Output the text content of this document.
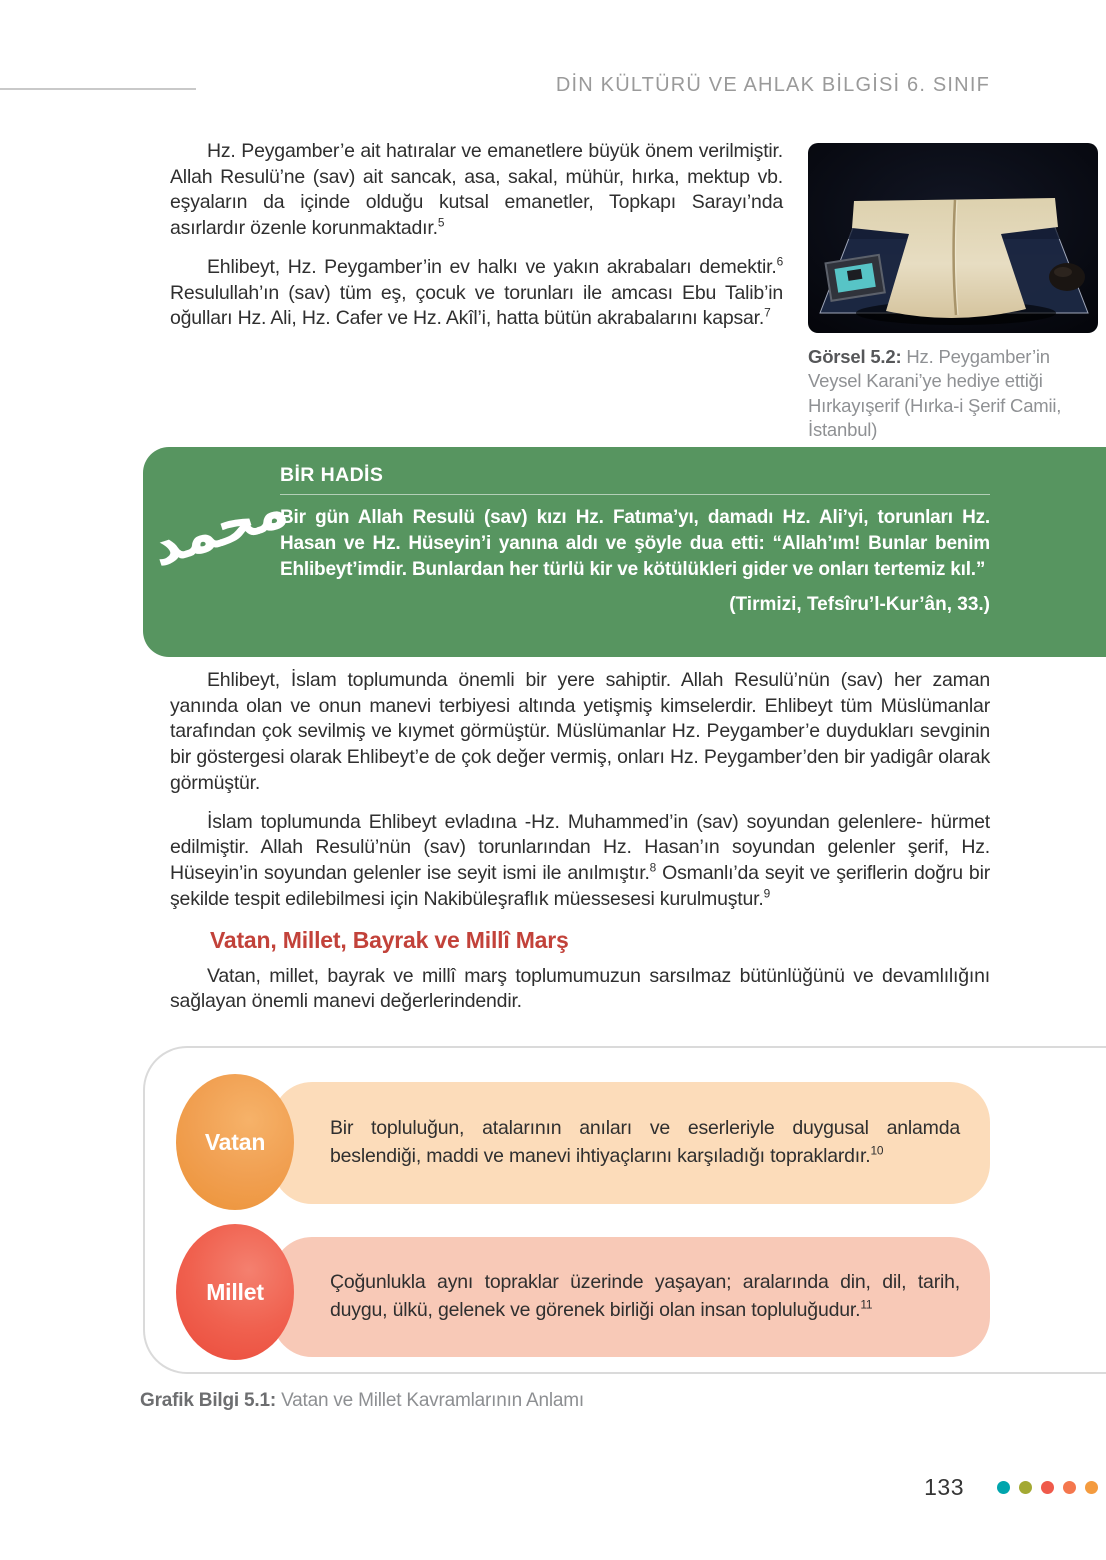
DİN KÜLTÜRÜ VE AHLAK BİLGİSİ 6. SINIF

Hz. Peygamber’e ait hatıralar ve emanetlere büyük önem verilmiştir. Allah Resulü’ne (sav) ait sancak, asa, sakal, mühür, hırka, mektup vb. eşyaların da içinde olduğu kutsal emanetler, Topkapı Sarayı’nda asırlardır özenle korunmaktadır.$^5$

Ehlibeyt, Hz. Peygamber’in ev halkı ve yakın akrabaları demektir.$^6$ Resulullah’ın (sav) tüm eş, çocuk ve torunları ile amcası Ebu Talib’in oğulları Hz. Ali, Hz. Cafer ve Hz. Akîl’i, hatta bütün akrabalarını kapsar.$^7$

Görsel 5.2: Hz. Peygamber’in Veysel Karani’ye hediye ettiği Hırkayışerif (Hırka-i Şerif Camii, İstanbul)
محمد
BİR HADİS

Bir gün Allah Resulü (sav) kızı Hz. Fatıma’yı, damadı Hz. Ali’yi, torunları Hz. Hasan ve Hz. Hüseyin’i yanına aldı ve şöyle dua etti: “Allah’ım! Bunlar benim Ehlibeyt’imdir. Bunlardan her türlü kir ve kötülükleri gider ve onları tertemiz kıl.”

(Tirmizi, Tefsîru’l-Kur’ân, 33.)

Ehlibeyt, İslam toplumunda önemli bir yere sahiptir. Allah Resulü’nün (sav) her zaman yanında olan ve onun manevi terbiyesi altında yetişmiş kimselerdir. Ehlibeyt tüm Müslümanlar tarafından çok sevilmiş ve kıymet görmüştür. Müslümanlar Hz. Peygamber’e duydukları sevginin bir göstergesi olarak Ehlibeyt’e de çok değer vermiş, onları Hz. Peygamber’den bir yadigâr olarak görmüştür.

İslam toplumunda Ehlibeyt evladına -Hz. Muhammed’in (sav) soyundan gelenlere- hürmet edilmiştir. Allah Resulü’nün (sav) torunlarından Hz. Hasan’ın soyundan gelenler şerif, Hz. Hüseyin’in soyundan gelenler ise seyit ismi ile anılmıştır.$^8$ Osmanlı’da seyit ve şeriflerin doğru bir şekilde tespit edilebilmesi için Nakibüleşraflık müessesesi kurulmuştur.$^9$

Vatan, Millet, Bayrak ve Millî Marş

Vatan, millet, bayrak ve millî marş toplumumuzun sarsılmaz bütünlüğünü ve devamlılığını sağlayan önemli manevi değerlerindendir.

Bir topluluğun, atalarının anıları ve eserleriyle duygusal anlamda beslendiği, maddi ve manevi ihtiyaçlarını karşıladığı topraklardır.$^{10}$

Vatan

Çoğunlukla aynı topraklar üzerinde yaşayan; aralarında din, dil, tarih, duygu, ülkü, gelenek ve görenek birliği olan insan topluluğudur.$^{11}$

Millet
Grafik Bilgi 5.1: Vatan ve Millet Kavramlarının Anlamı
133
